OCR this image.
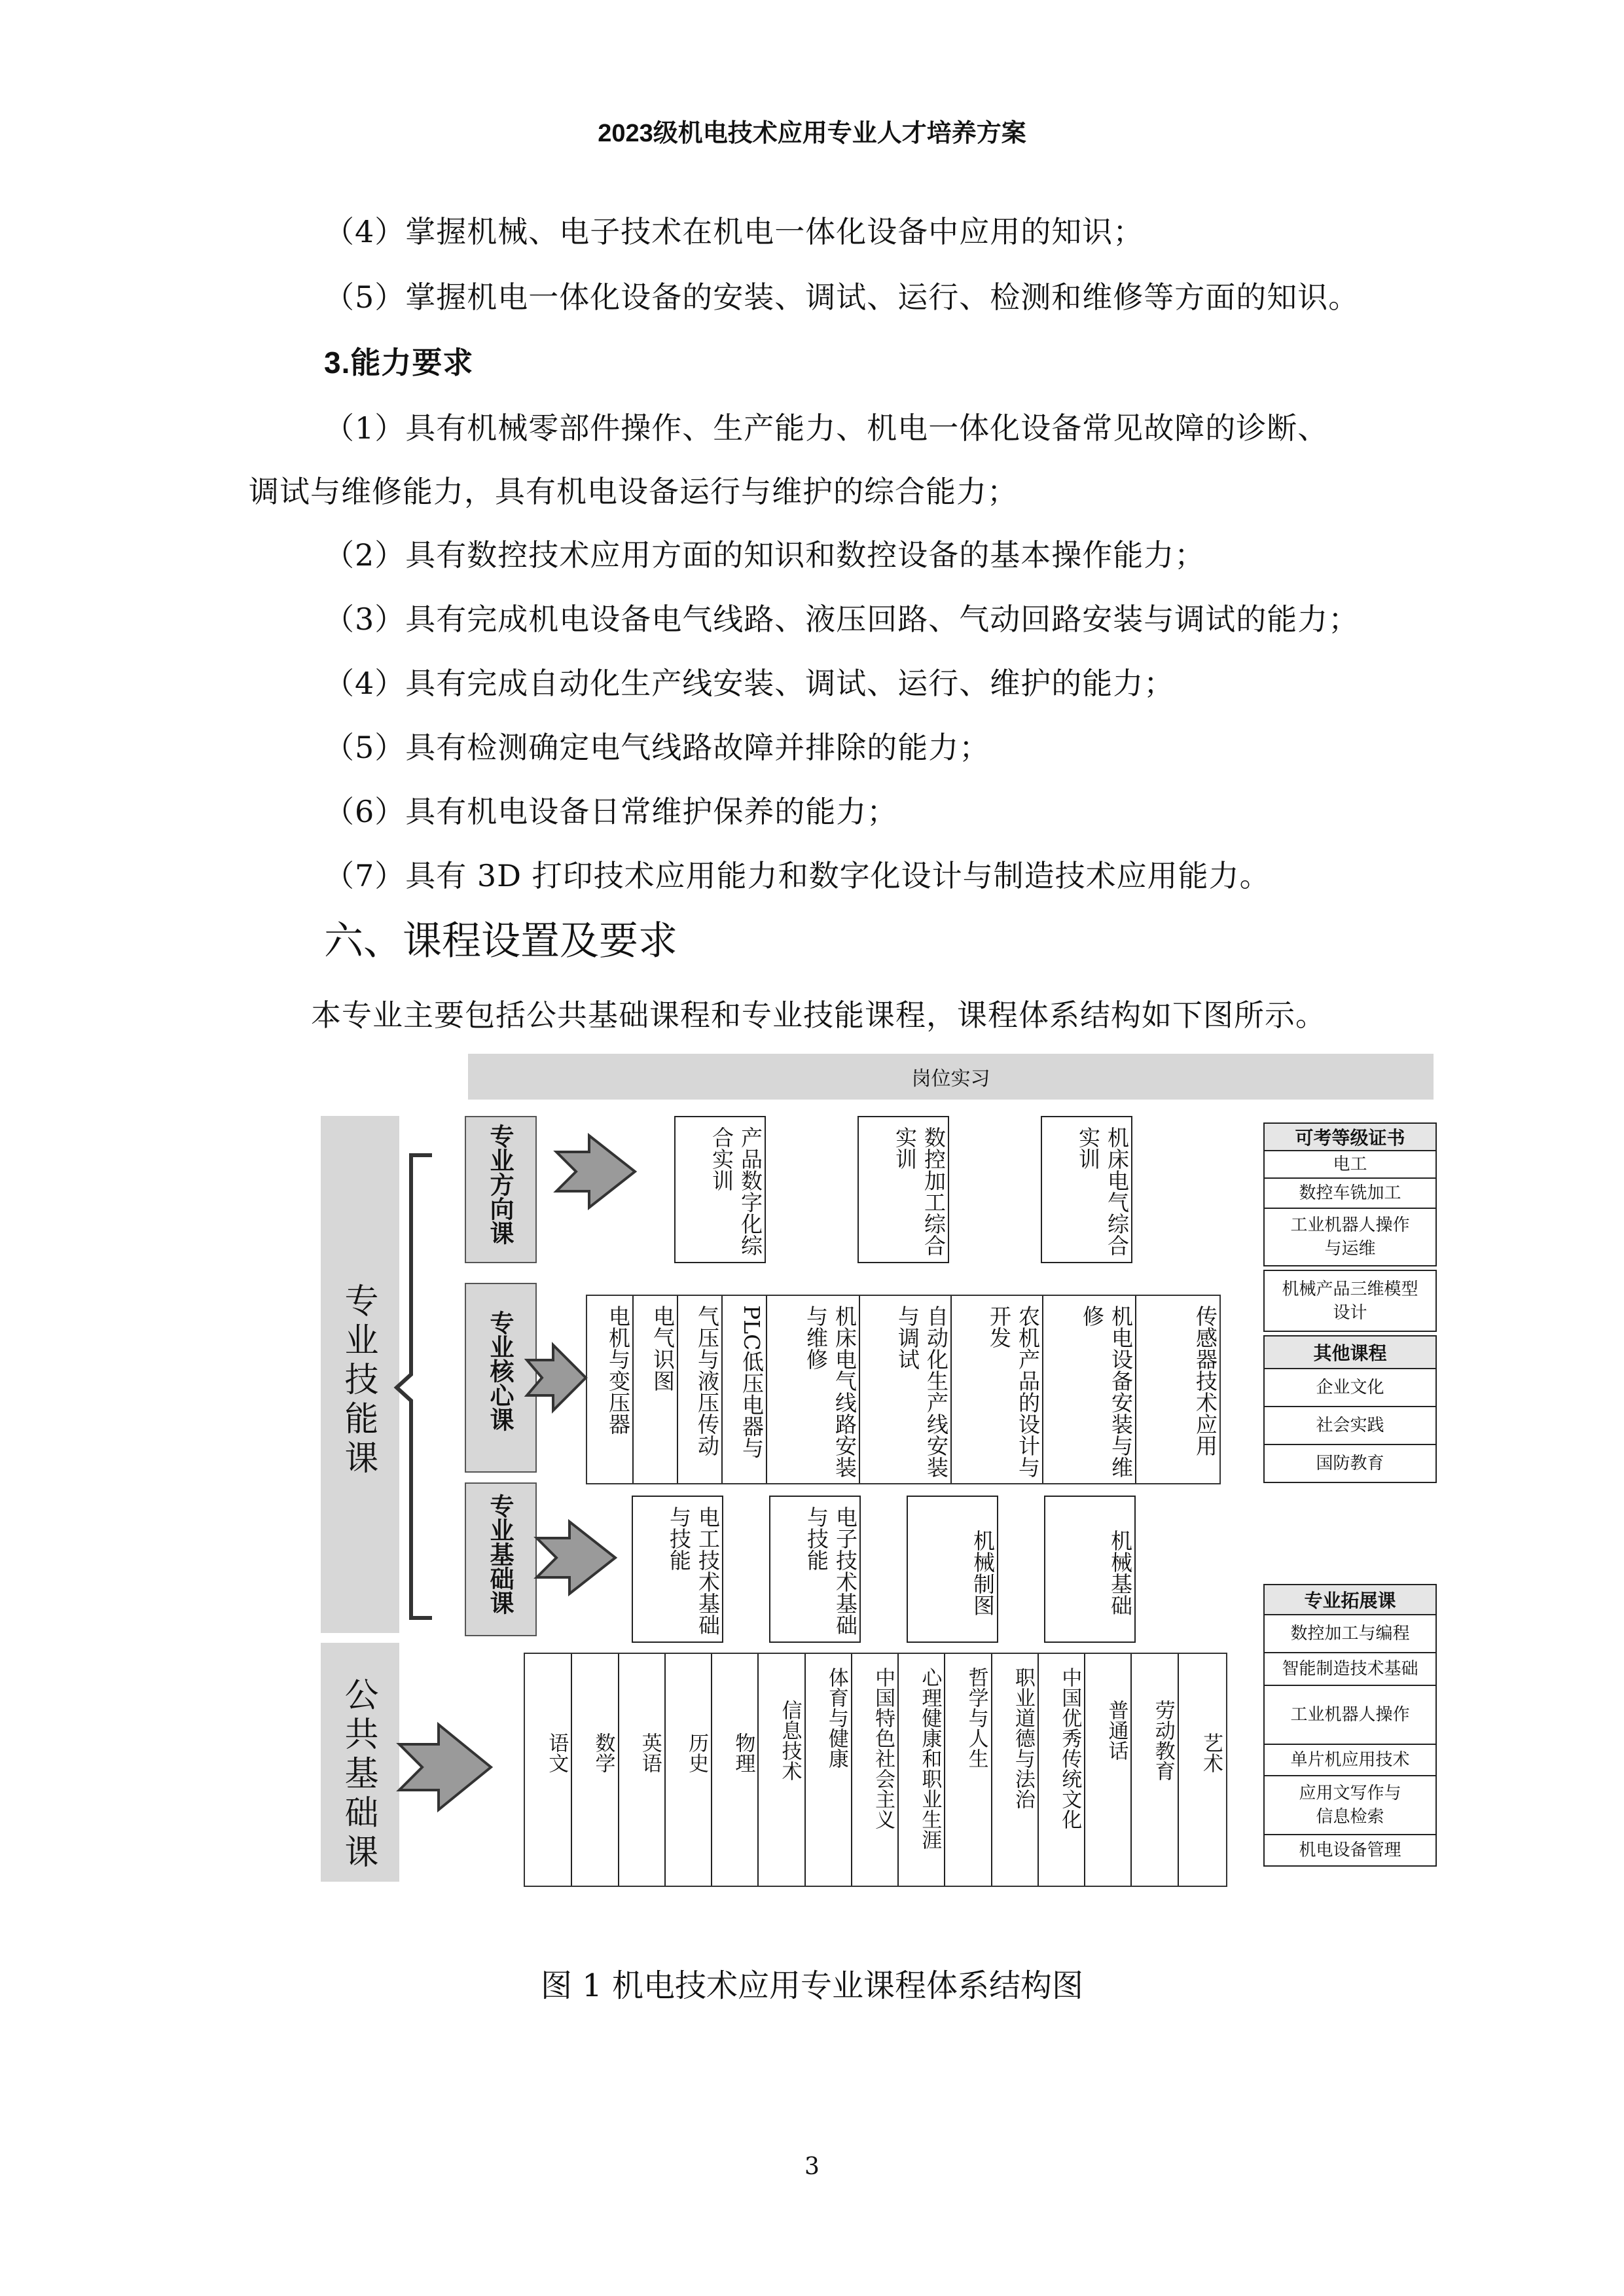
2023级机电技术应用专业人才培养方案
（4）掌握机械、电子技术在机电一体化设备中应用的知识；
（5）掌握机电一体化设备的安装、调试、运行、检测和维修等方面的知识。
3.能力要求
（1）具有机械零部件操作、生产能力、机电一体化设备常见故障的诊断、
调试与维修能力，具有机电设备运行与维护的综合能力；
（2）具有数控技术应用方面的知识和数控设备的基本操作能力；
（3）具有完成机电设备电气线路、液压回路、气动回路安装与调试的能力；
（4）具有完成自动化生产线安装、调试、运行、维护的能力；
（5）具有检测确定电气线路故障并排除的能力；
（6）具有机电设备日常维护保养的能力；
（7）具有 3D 打印技术应用能力和数字化设计与制造技术应用能力。
六、课程设置及要求
本专业主要包括公共基础课程和专业技能课程，课程体系结构如下图所示。
岗位实习
专业技能课
公共基础课
专业方向课
专业核心课
专业基础课
产品数字化综合实训	数控加工综合实训	机床电气综合实训
电机与变压器 电气识图 气压与液压传动 PLC低压电器与	机床电气线路安装与维修	自动化生产线安装与调试	农机产品的设计与开发	机电设备安装与维修	传感器技术应用
电工技术基础与技能	电子技术基础与技能	机械制图	机械基础
语文	数学	英语	历史	物理	信息技术	体育与健康	中国特色社会主义	心理健康和职业生涯	哲学与人生	职业道德与法治	中国优秀传统文化	普通话	劳动教育	艺术
可考等级证书
电工
数控车铣加工
工业机器人操作与运维
机械产品三维模型设计
其他课程
企业文化
社会实践
国防教育
专业拓展课
数控加工与编程
智能制造技术基础
工业机器人操作
单片机应用技术
应用文写作与信息检索
机电设备管理
图 1 机电技术应用专业课程体系结构图
3
